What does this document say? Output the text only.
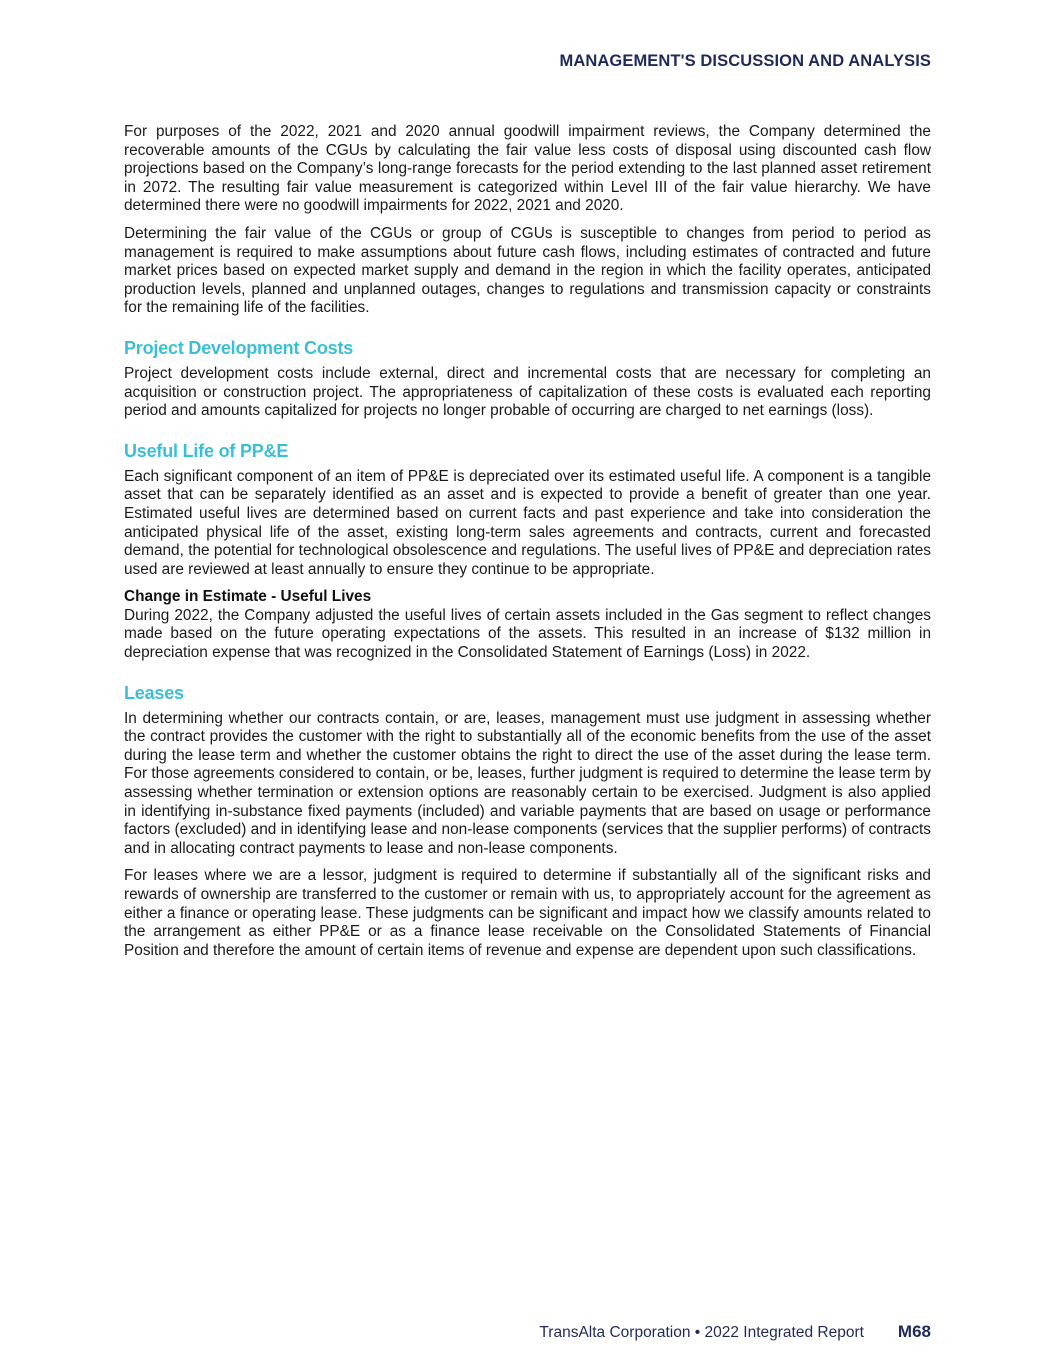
MANAGEMENT'S DISCUSSION AND ANALYSIS

For purposes of the 2022, 2021 and 2020 annual goodwill impairment reviews, the Company determined the recoverable amounts of the CGUs by calculating the fair value less costs of disposal using discounted cash flow projections based on the Company’s long-range forecasts for the period extending to the last planned asset retirement in 2072. The resulting fair value measurement is categorized within Level III of the fair value hierarchy. We have determined there were no goodwill impairments for 2022, 2021 and 2020.

Determining the fair value of the CGUs or group of CGUs is susceptible to changes from period to period as management is required to make assumptions about future cash flows, including estimates of contracted and future market prices based on expected market supply and demand in the region in which the facility operates, anticipated production levels, planned and unplanned outages, changes to regulations and transmission capacity or constraints for the remaining life of the facilities.

Project Development Costs

Project development costs include external, direct and incremental costs that are necessary for completing an acquisition or construction project. The appropriateness of capitalization of these costs is evaluated each reporting period and amounts capitalized for projects no longer probable of occurring are charged to net earnings (loss).

Useful Life of PP&E

Each significant component of an item of PP&E is depreciated over its estimated useful life. A component is a tangible asset that can be separately identified as an asset and is expected to provide a benefit of greater than one year. Estimated useful lives are determined based on current facts and past experience and take into consideration the anticipated physical life of the asset, existing long-term sales agreements and contracts, current and forecasted demand, the potential for technological obsolescence and regulations. The useful lives of PP&E and depreciation rates used are reviewed at least annually to ensure they continue to be appropriate.

Change in Estimate - Useful Lives

During 2022, the Company adjusted the useful lives of certain assets included in the Gas segment to reflect changes made based on the future operating expectations of the assets. This resulted in an increase of $132 million in depreciation expense that was recognized in the Consolidated Statement of Earnings (Loss) in 2022.

Leases

In determining whether our contracts contain, or are, leases, management must use judgment in assessing whether the contract provides the customer with the right to substantially all of the economic benefits from the use of the asset during the lease term and whether the customer obtains the right to direct the use of the asset during the lease term. For those agreements considered to contain, or be, leases, further judgment is required to determine the lease term by assessing whether termination or extension options are reasonably certain to be exercised. Judgment is also applied in identifying in-substance fixed payments (included) and variable payments that are based on usage or performance factors (excluded) and in identifying lease and non-lease components (services that the supplier performs) of contracts and in allocating contract payments to lease and non-lease components.

For leases where we are a lessor, judgment is required to determine if substantially all of the significant risks and rewards of ownership are transferred to the customer or remain with us, to appropriately account for the agreement as either a finance or operating lease. These judgments can be significant and impact how we classify amounts related to the arrangement as either PP&E or as a finance lease receivable on the Consolidated Statements of Financial Position and therefore the amount of certain items of revenue and expense are dependent upon such classifications.

TransAlta Corporation • 2022 Integrated Report M68
